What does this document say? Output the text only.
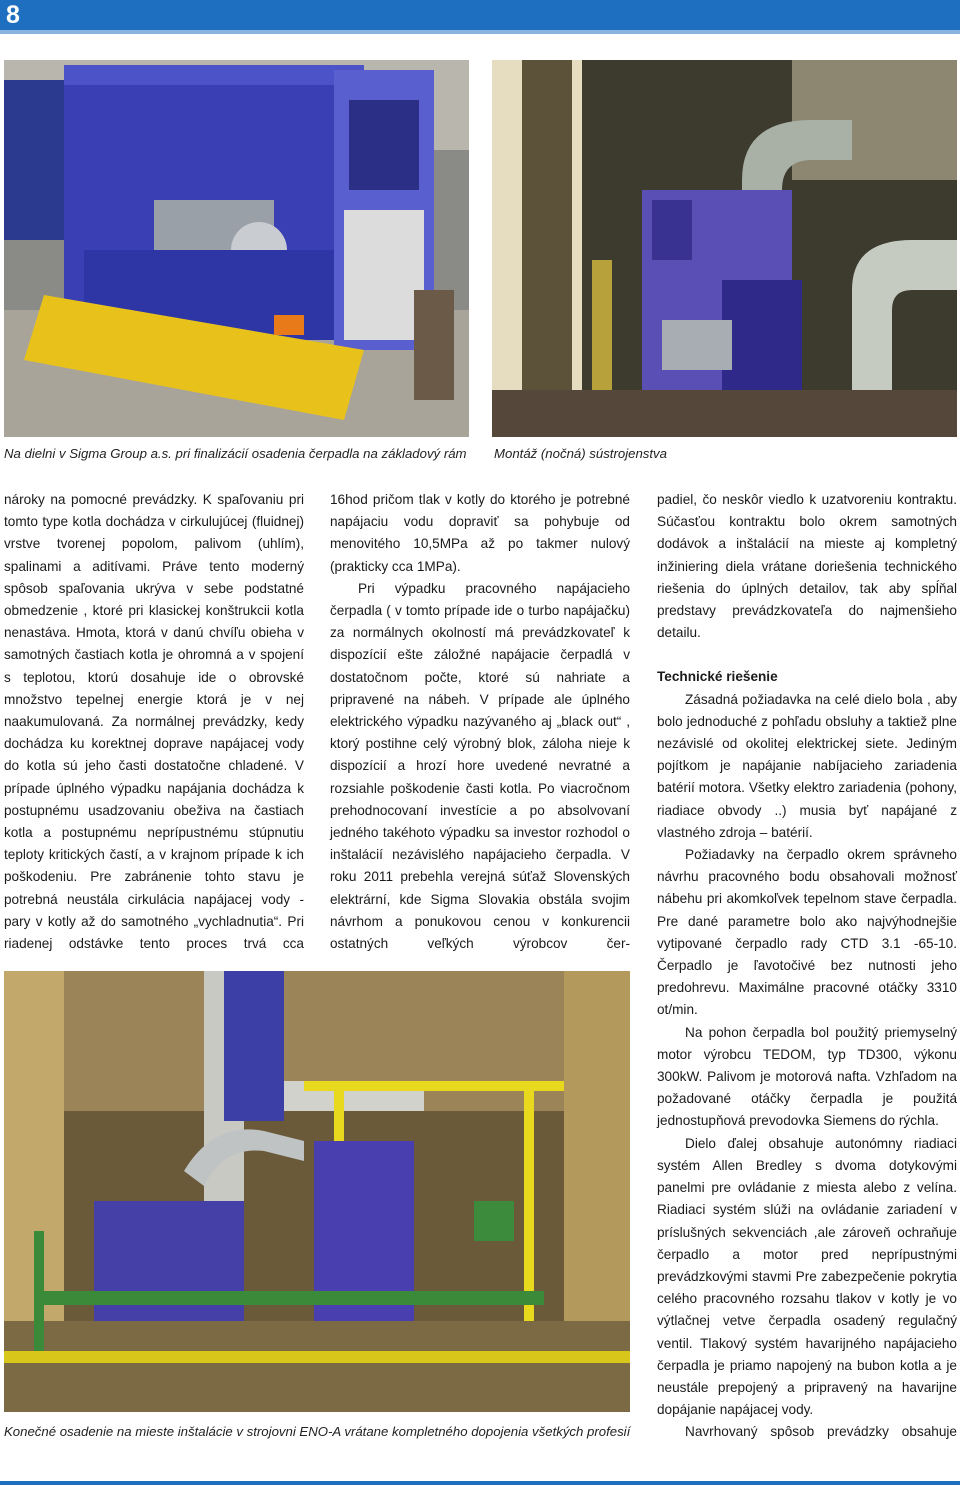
8
Na dielni v Sigma Group a.s. pri finalizácií osadenia čerpadla na základový rám Montáž (nočná) sústrojenstva

nároky na pomocné prevádzky. K spaľovaniu pri tomto type kotla dochádza v cirkulujúcej (fluidnej) vrstve tvorenej popolom, palivom (uhlím), spalinami a aditívami. Práve tento moderný spôsob spaľovania ukrýva v sebe podstatné obmedzenie , ktoré pri klasickej konštrukcii kotla nenastáva. Hmota, ktorá v danú chvíľu obieha v samotných častiach kotla je ohromná a v spojení s teplotou, ktorú dosahuje ide o obrovské množstvo tepelnej energie ktorá je v nej naakumulovaná. Za normálnej prevádzky, kedy dochádza ku korektnej doprave napájacej vody do kotla sú jeho časti dostatočne chladené. V prípade úplného výpadku napájania dochádza k postupnému usadzovaniu obeživa na častiach kotla a postupnému neprípustnému stúpnutiu teploty kritických častí, a v krajnom prípade k ich poškodeniu. Pre zabránenie tohto stavu je potrebná neustála cirkulácia napájacej vody - pary v kotly až do samotného „vychladnutia“. Pri riadenej odstávke tento proces trvá cca

16hod pričom tlak v kotly do ktorého je potrebné napájaciu vodu dopraviť sa pohybuje od menovitého 10,5MPa až po takmer nulový (prakticky cca 1MPa).

Pri výpadku pracovného napájacieho čerpadla ( v tomto prípade ide o turbo napájačku) za normálnych okolností má prevádzkovateľ k dispozícií ešte záložné napájacie čerpadlá v dostatočnom počte, ktoré sú nahriate a pripravené na nábeh. V prípade ale úplného elektrického výpadku nazývaného aj „black out“ , ktorý postihne celý výrobný blok, záloha nieje k dispozícií a hrozí hore uvedené nevratné a rozsiahle poškodenie časti kotla. Po viacročnom prehodnocovaní investície a po absolvovaní jedného takéhoto výpadku sa investor rozhodol o inštalácií nezávislého napájacieho čerpadla. V roku 2011 prebehla verejná súťaž Slovenských elektrární, kde Sigma Slovakia obstála svojim návrhom a ponukovou cenou v konkurencii ostatných veľkých výrobcov čer-

padiel, čo neskôr viedlo k uzatvoreniu kontraktu. Súčasťou kontraktu bolo okrem samotných dodávok a inštalácií na mieste aj kompletný inžiniering diela vrátane doriešenia technického riešenia do úplných detailov, tak aby spĺňal predstavy prevádzkovateľa do najmenšieho detailu.

Technické riešenie

Zásadná požiadavka na celé dielo bola , aby bolo jednoduché z pohľadu obsluhy a taktiež plne nezávislé od okolitej elektrickej siete. Jediným pojítkom je napájanie nabíjacieho zariadenia batérií motora. Všetky elektro zariadenia (pohony, riadiace obvody ..) musia byť napájané z vlastného zdroja – batérií.

Požiadavky na čerpadlo okrem správneho návrhu pracovného bodu obsahovali možnosť nábehu pri akomkoľvek tepelnom stave čerpadla. Pre dané parametre bolo ako najvýhodnejšie vytipované čerpadlo rady CTD 3.1 -65-10. Čerpadlo je ľavotočivé bez nutnosti jeho predohrevu. Maximálne pracovné otáčky 3310 ot/min.

Na pohon čerpadla bol použitý priemyselný motor výrobcu TEDOM, typ TD300, výkonu 300kW. Palivom je motorová nafta. Vzhľadom na požadované otáčky čerpadla je použitá jednostupňová prevodovka Siemens do rýchla.

Dielo ďalej obsahuje autonómny riadiaci systém Allen Bredley s dvoma dotykovými panelmi pre ovládanie z miesta alebo z velína. Riadiaci systém slúži na ovládanie zariadení v príslušných sekvenciách ,ale zároveň ochraňuje čerpadlo a motor pred neprípustnými prevádzkovými stavmi Pre zabezpečenie pokrytia celého pracovného rozsahu tlakov v kotly je vo výtlačnej vetve čerpadla osadený regulačný ventil. Tlakový systém havarijného napájacieho čerpadla je priamo napojený na bubon kotla a je neustále prepojený a pripravený na havarijne dopájanie napájacej vody.

Navrhovaný spôsob prevádzky obsahuje

Konečné osadenie na mieste inštalácie v strojovni ENO-A vrátane kompletného dopojenia všetkých profesií
